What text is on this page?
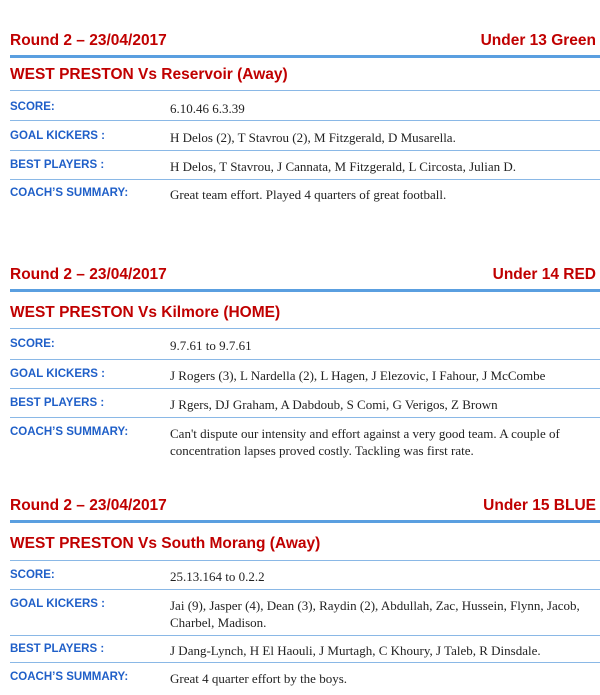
Round 2 – 23/04/2017	Under 13 Green
WEST PRESTON Vs Reservoir (Away)
SCORE:	6.10.46 6.3.39
GOAL KICKERS :	H Delos (2), T Stavrou (2), M Fitzgerald, D Musarella.
BEST PLAYERS :	H Delos, T Stavrou, J Cannata, M Fitzgerald, L Circosta, Julian D.
COACH’S SUMMARY:	Great team effort. Played 4 quarters of great football.
Round 2 – 23/04/2017	Under 14 RED
WEST PRESTON Vs Kilmore (HOME)
SCORE:	9.7.61 to 9.7.61
GOAL KICKERS :	J Rogers (3), L Nardella (2), L Hagen, J Elezovic, I Fahour, J McCombe
BEST PLAYERS :	J Rgers, DJ Graham, A Dabdoub, S Comi, G Verigos, Z Brown
COACH’S SUMMARY:	Can't dispute our intensity and effort against a very good team. A couple of concentration lapses proved costly. Tackling was first rate.
Round 2 – 23/04/2017	Under 15 BLUE
WEST PRESTON Vs South Morang (Away)
SCORE:	25.13.164 to 0.2.2
GOAL KICKERS :	Jai (9), Jasper (4), Dean (3), Raydin (2), Abdullah, Zac, Hussein, Flynn, Jacob, Charbel, Madison.
BEST PLAYERS :	J Dang-Lynch, H El Haouli, J Murtagh, C Khoury, J Taleb, R Dinsdale.
COACH’S SUMMARY:	Great 4 quarter effort by the boys.
